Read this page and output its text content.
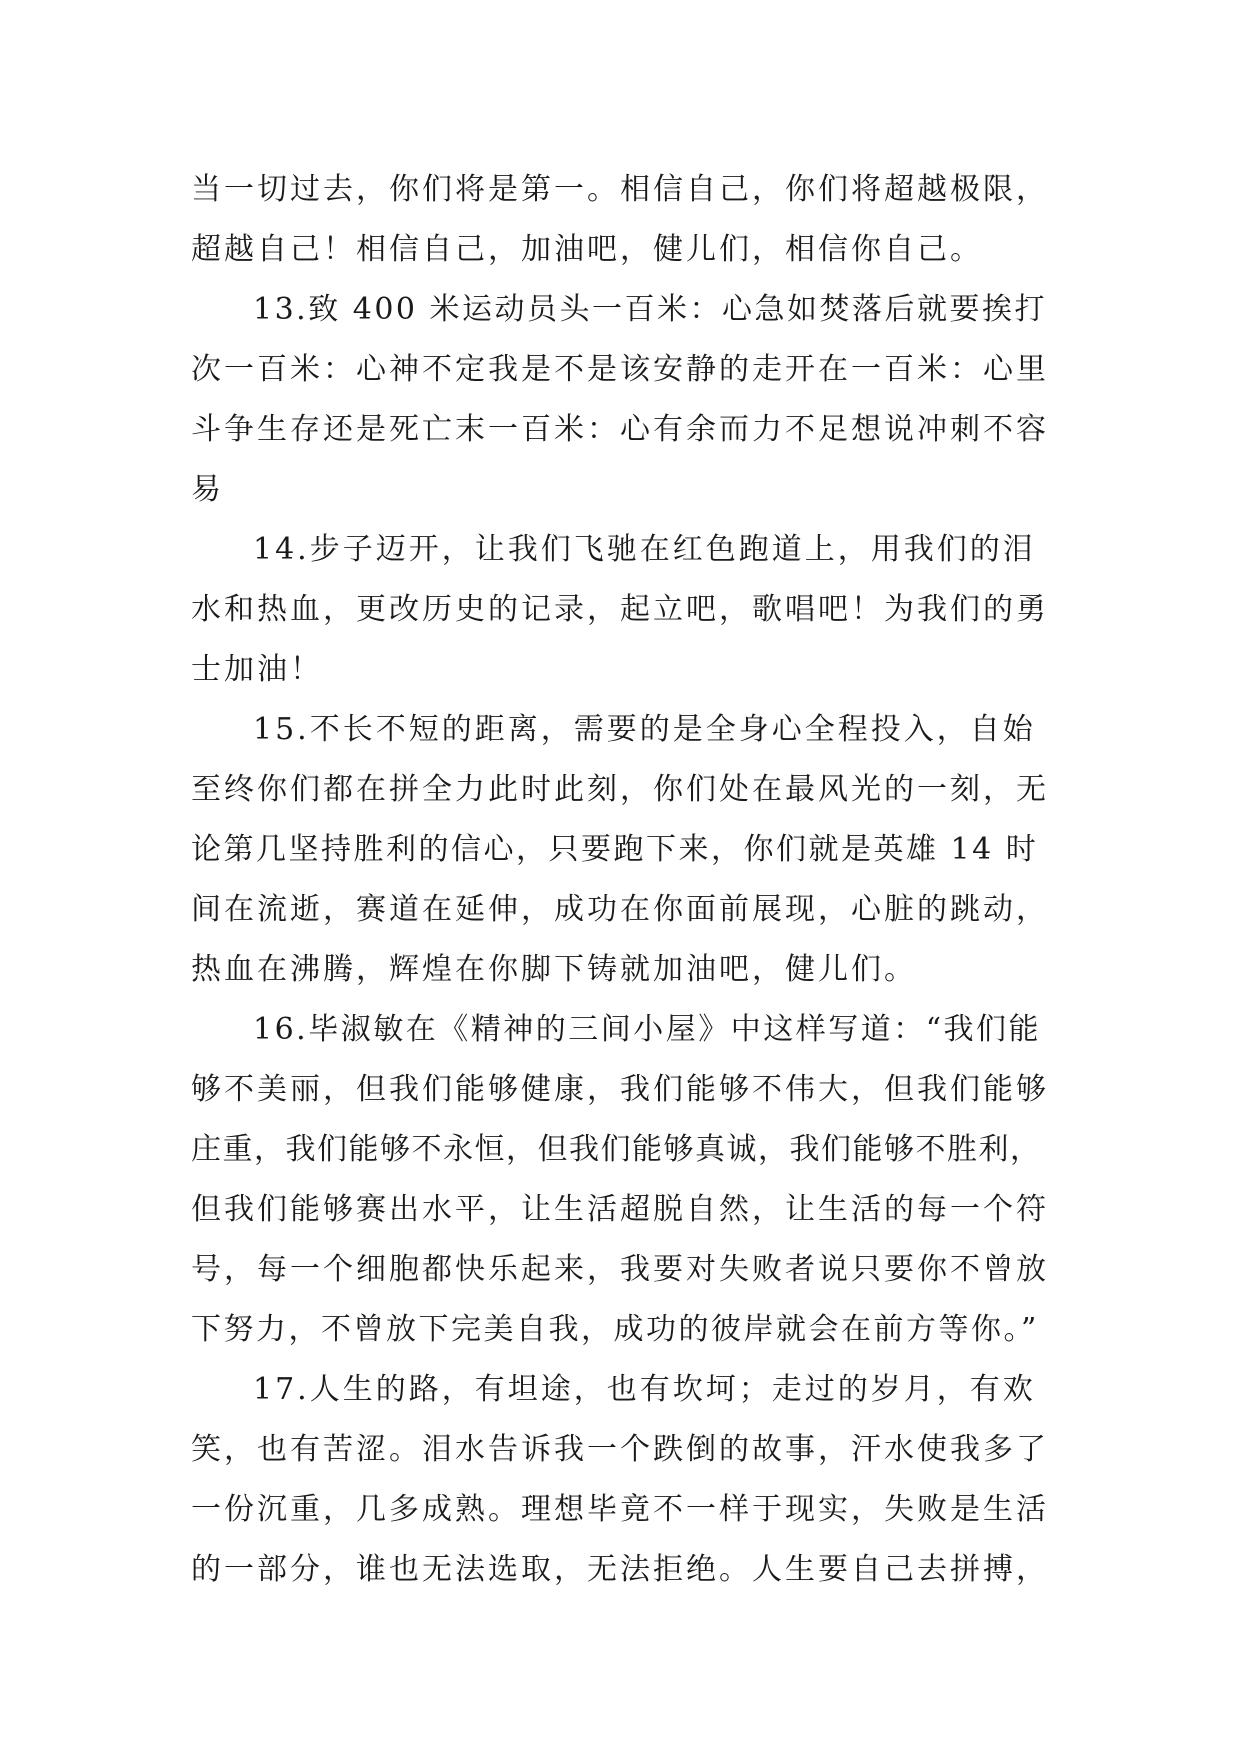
当一切过去，你们将是第一。相信自己，你们将超越极限，
超越自己！相信自己，加油吧，健儿们，相信你自己。
13.致 400 米运动员头一百米：心急如焚落后就要挨打
次一百米：心神不定我是不是该安静的走开在一百米：心里
斗争生存还是死亡末一百米：心有余而力不足想说冲刺不容
易
14.步子迈开，让我们飞驰在红色跑道上，用我们的泪
水和热血，更改历史的记录，起立吧，歌唱吧！为我们的勇
士加油！
15.不长不短的距离，需要的是全身心全程投入，自始
至终你们都在拼全力此时此刻，你们处在最风光的一刻，无
论第几坚持胜利的信心，只要跑下来，你们就是英雄 14 时
间在流逝，赛道在延伸，成功在你面前展现，心脏的跳动，
热血在沸腾，辉煌在你脚下铸就加油吧，健儿们。
16.毕淑敏在《精神的三间小屋》中这样写道：“我们能
够不美丽，但我们能够健康，我们能够不伟大，但我们能够
庄重，我们能够不永恒，但我们能够真诚，我们能够不胜利，
但我们能够赛出水平，让生活超脱自然，让生活的每一个符
号，每一个细胞都快乐起来，我要对失败者说只要你不曾放
下努力，不曾放下完美自我，成功的彼岸就会在前方等你。”
17.人生的路，有坦途，也有坎坷；走过的岁月，有欢
笑，也有苦涩。泪水告诉我一个跌倒的故事，汗水使我多了
一份沉重，几多成熟。理想毕竟不一样于现实，失败是生活
的一部分，谁也无法选取，无法拒绝。人生要自己去拼搏，
